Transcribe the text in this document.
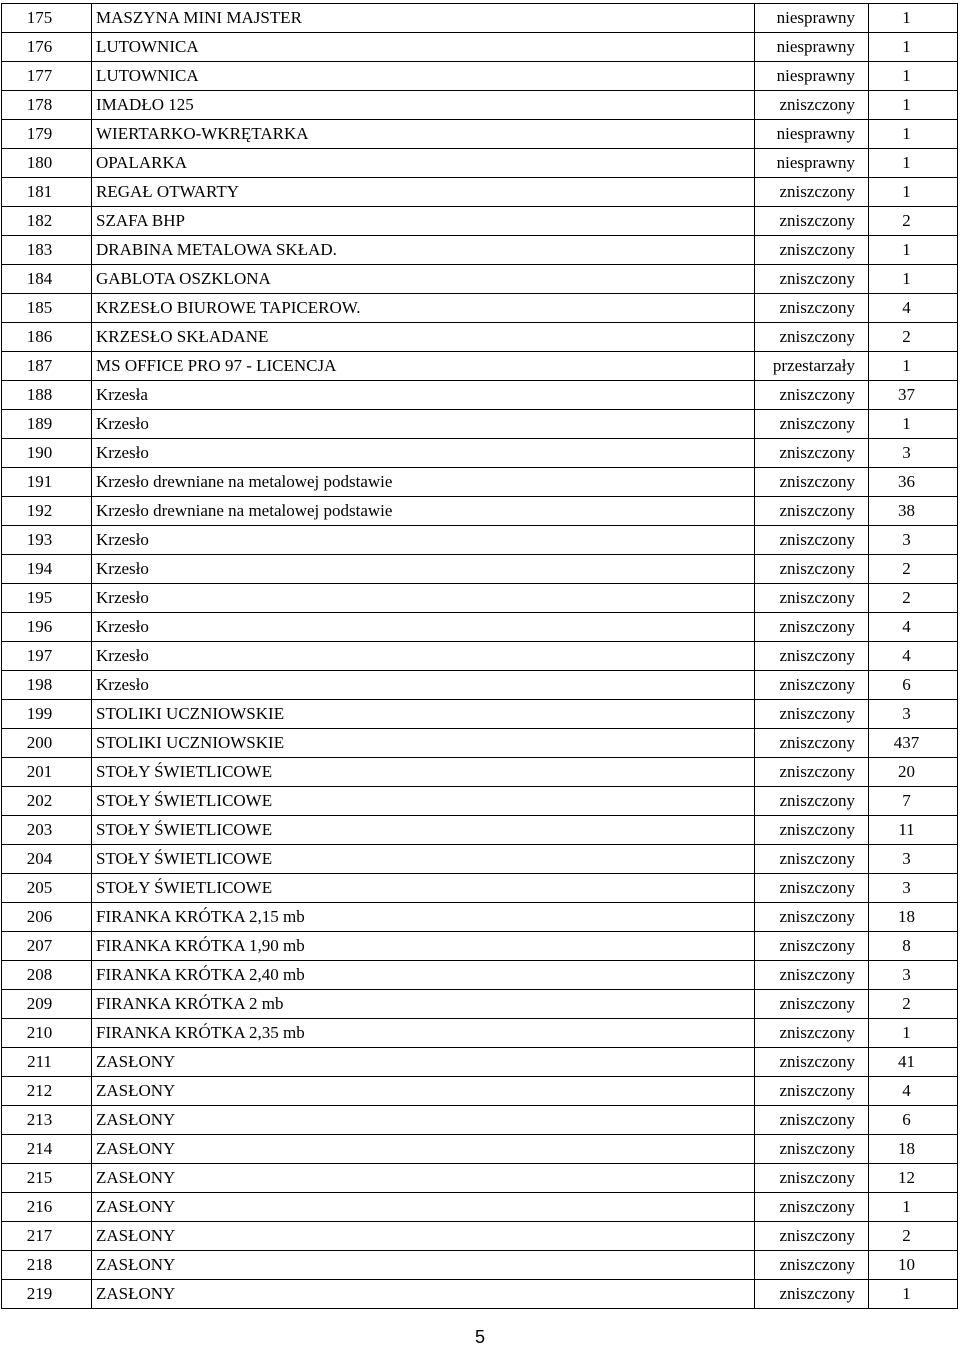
175	MASZYNA MINI MAJSTER	niesprawny	1
176	LUTOWNICA	niesprawny	1
177	LUTOWNICA	niesprawny	1
178	IMADŁO 125	zniszczony	1
179	WIERTARKO-WKRĘTARKA	niesprawny	1
180	OPALARKA	niesprawny	1
181	REGAŁ OTWARTY	zniszczony	1
182	SZAFA BHP	zniszczony	2
183	DRABINA METALOWA SKŁAD.	zniszczony	1
184	GABLOTA OSZKLONA	zniszczony	1
185	KRZESŁO BIUROWE TAPICEROW.	zniszczony	4
186	KRZESŁO SKŁADANE	zniszczony	2
187	MS OFFICE PRO 97 - LICENCJA	przestarzały	1
188	Krzesła	zniszczony	37
189	Krzesło	zniszczony	1
190	Krzesło	zniszczony	3
191	Krzesło drewniane na metalowej podstawie	zniszczony	36
192	Krzesło drewniane na metalowej podstawie	zniszczony	38
193	Krzesło	zniszczony	3
194	Krzesło	zniszczony	2
195	Krzesło	zniszczony	2
196	Krzesło	zniszczony	4
197	Krzesło	zniszczony	4
198	Krzesło	zniszczony	6
199	STOLIKI UCZNIOWSKIE	zniszczony	3
200	STOLIKI UCZNIOWSKIE	zniszczony	437
201	STOŁY ŚWIETLICOWE	zniszczony	20
202	STOŁY ŚWIETLICOWE	zniszczony	7
203	STOŁY ŚWIETLICOWE	zniszczony	11
204	STOŁY ŚWIETLICOWE	zniszczony	3
205	STOŁY ŚWIETLICOWE	zniszczony	3
206	FIRANKA KRÓTKA 2,15 mb	zniszczony	18
207	FIRANKA KRÓTKA 1,90 mb	zniszczony	8
208	FIRANKA KRÓTKA 2,40 mb	zniszczony	3
209	FIRANKA KRÓTKA 2 mb	zniszczony	2
210	FIRANKA KRÓTKA 2,35 mb	zniszczony	1
211	ZASŁONY	zniszczony	41
212	ZASŁONY	zniszczony	4
213	ZASŁONY	zniszczony	6
214	ZASŁONY	zniszczony	18
215	ZASŁONY	zniszczony	12
216	ZASŁONY	zniszczony	1
217	ZASŁONY	zniszczony	2
218	ZASŁONY	zniszczony	10
219	ZASŁONY	zniszczony	1
5
